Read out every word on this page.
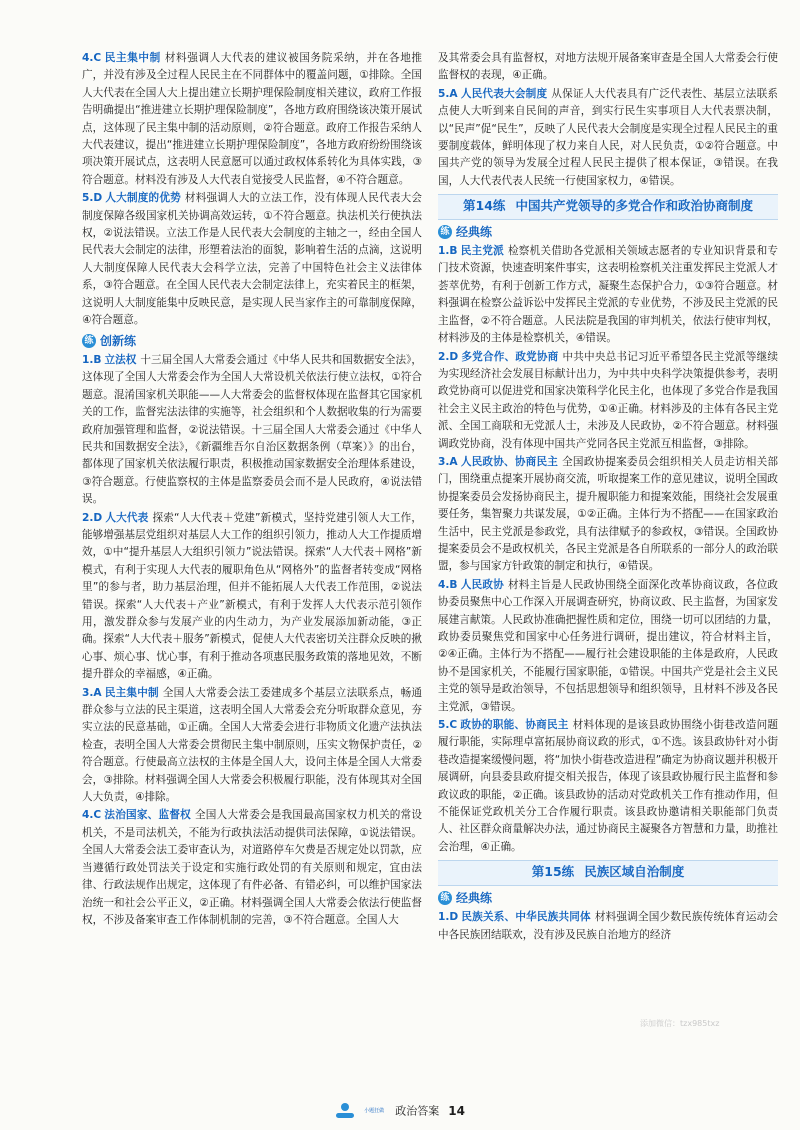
4.C 民主集中制 材料强调人大代表的建议被国务院采纳，并在各地推广，并没有涉及全过程人民民主在不同群体中的覆盖问题，①排除。全国人大代表在全国人大上提出建立长期护理保险制度相关建议，政府工作报告明确提出“推进建立长期护理保险制度”，各地方政府围绕该决策开展试点，这体现了民主集中制的活动原则，②符合题意。政府工作报告采纳人大代表建议，提出“推进建立长期护理保险制度”，各地方政府纷纷围绕该项决策开展试点，这表明人民意愿可以通过政权体系转化为具体实践，③符合题意。材料没有涉及人大代表自觉接受人民监督，④不符合题意。

5.D 人大制度的优势 材料强调人大的立法工作，没有体现人民代表大会制度保障各级国家机关协调高效运转，①不符合题意。执法机关行使执法权，②说法错误。立法工作是人民代表大会制度的主轴之一，经由全国人民代表大会制定的法律，形塑着法治的面貌，影响着生活的点滴，这说明人大制度保障人民代表大会科学立法，完善了中国特色社会主义法律体系，③符合题意。在全国人民代表大会制定法律上，充实着民主的框架，这说明人大制度能集中反映民意，是实现人民当家作主的可靠制度保障，④符合题意。

练 创新练

1.B 立法权 十三届全国人大常委会通过《中华人民共和国数据安全法》，这体现了全国人大常委会作为全国人大常设机关依法行使立法权，①符合题意。混淆国家机关职能——人大常委会的监督权体现在监督其它国家机关的工作，监督宪法法律的实施等，社会组织和个人数据收集的行为需要政府加强管理和监督，②说法错误。十三届全国人大常委会通过《中华人民共和国数据安全法》，《新疆维吾尔自治区数据条例（草案）》的出台，都体现了国家机关依法履行职责，积极推动国家数据安全治理体系建设，③符合题意。行使监察权的主体是监察委员会而不是人民政府，④说法错误。

2.D 人大代表 探索“人大代表＋党建”新模式，坚持党建引领人大工作，能够增强基层党组织对基层人大工作的组织引领力，推动人大工作提质增效，①中“提升基层人大组织引领力”说法错误。探索“人大代表＋网格”新模式，有利于实现人大代表的履职角色从“网格外”的监督者转变成“网格里”的参与者，助力基层治理，但并不能拓展人大代表工作范围，②说法错误。探索“人大代表＋产业”新模式，有利于发挥人大代表示范引领作用，激发群众参与发展产业的内生动力，为产业发展添加新动能，③正确。探索“人大代表＋服务”新模式，促使人大代表密切关注群众反映的揪心事、烦心事、忧心事，有利于推动各项惠民服务政策的落地见效，不断提升群众的幸福感，④正确。

3.A 民主集中制 全国人大常委会法工委建成多个基层立法联系点，畅通群众参与立法的民主渠道，这表明全国人大常委会充分听取群众意见，夯实立法的民意基础，①正确。全国人大常委会进行非物质文化遗产法执法检查，表明全国人大常委会贯彻民主集中制原则，压实文物保护责任，②符合题意。行使最高立法权的主体是全国人大，设问主体是全国人大常委会，③排除。材料强调全国人大常委会积极履行职能，没有体现其对全国人大负责，④排除。

4.C 法治国家、监督权 全国人大常委会是我国最高国家权力机关的常设机关，不是司法机关，不能为行政执法活动提供司法保障，①说法错误。全国人大常委会法工委审查认为，对道路停车欠费是否规定处以罚款，应当遵循行政处罚法关于设定和实施行政处罚的有关原则和规定，宜由法律、行政法规作出规定，这体现了有件必备、有错必纠，可以维护国家法治统一和社会公平正义，②正确。材料强调全国人大常委会依法行使监督权，不涉及备案审查工作体制机制的完善，③不符合题意。全国人大

及其常委会具有监督权，对地方法规开展备案审查是全国人大常委会行使监督权的表现，④正确。

5.A 人民代表大会制度 从保证人大代表具有广泛代表性、基层立法联系点使人大听到来自民间的声音，到实行民生实事项目人大代表票决制，以“民声”促“民生”，反映了人民代表大会制度是实现全过程人民民主的重要制度载体，鲜明体现了权力来自人民，对人民负责，①②符合题意。中国共产党的领导为发展全过程人民民主提供了根本保证，③错误。在我国，人大代表代表人民统一行使国家权力，④错误。

第14练 中国共产党领导的多党合作和政治协商制度
练 经典练

1.B 民主党派 检察机关借助各党派相关领域志愿者的专业知识背景和专门技术资源，快速查明案件事实，这表明检察机关注重发挥民主党派人才荟萃优势，有利于创新工作方式，凝聚生态保护合力，①③符合题意。材料强调在检察公益诉讼中发挥民主党派的专业优势，不涉及民主党派的民主监督，②不符合题意。人民法院是我国的审判机关，依法行使审判权，材料涉及的主体是检察机关，④错误。

2.D 多党合作、政党协商 中共中央总书记习近平希望各民主党派等继续为实现经济社会发展目标献计出力，为中共中央科学决策提供参考，表明政党协商可以促进党和国家决策科学化民主化，也体现了多党合作是我国社会主义民主政治的特色与优势，①④正确。材料涉及的主体有各民主党派、全国工商联和无党派人士，未涉及人民政协，②不符合题意。材料强调政党协商，没有体现中国共产党同各民主党派互相监督，③排除。

3.A 人民政协、协商民主 全国政协提案委员会组织相关人员走访相关部门，围绕重点提案开展协商交流，听取提案工作的意见建议，说明全国政协提案委员会发扬协商民主，提升履职能力和提案效能，围绕社会发展重要任务，集智聚力共谋发展，①②正确。主体行为不搭配——在国家政治生活中，民主党派是参政党，具有法律赋予的参政权，③错误。全国政协提案委员会不是政权机关，各民主党派是各自所联系的一部分人的政治联盟，参与国家方针政策的制定和执行，④错误。

4.B 人民政协 材料主旨是人民政协围绕全面深化改革协商议政，各位政协委员聚焦中心工作深入开展调查研究，协商议政、民主监督，为国家发展建言献策。人民政协准确把握性质和定位，围绕一切可以团结的力量，政协委员聚焦党和国家中心任务进行调研，提出建议，符合材料主旨，②④正确。主体行为不搭配——履行社会建设职能的主体是政府，人民政协不是国家机关，不能履行国家职能，①错误。中国共产党是社会主义民主党的领导是政治领导，不包括思想领导和组织领导，且材料不涉及各民主党派，③错误。

5.C 政协的职能、协商民主 材料体现的是该县政协围绕小街巷改造问题履行职能，实际理卓富拓展协商议政的形式，①不选。该县政协针对小街巷改造提案缓慢问题，将“加快小街巷改造进程”确定为协商议题并积极开展调研，向县委县政府提交相关报告，体现了该县政协履行民主监督和参政议政的职能，②正确。该县政协的活动对党政机关工作有推动作用，但不能保证党政机关分工合作履行职责。该县政协邀请相关职能部门负责人、社区群众商量解决办法，通过协商民主凝聚各方智慧和力量，助推社会治理，④正确。

第15练 民族区域自治制度
练 经典练

1.D 民族关系、中华民族共同体 材料强调全国少数民族传统体育运动会中各民族团结联欢，没有涉及民族自治地方的经济

小题狂做 政治答案 14
添加微信：tzx985txz
